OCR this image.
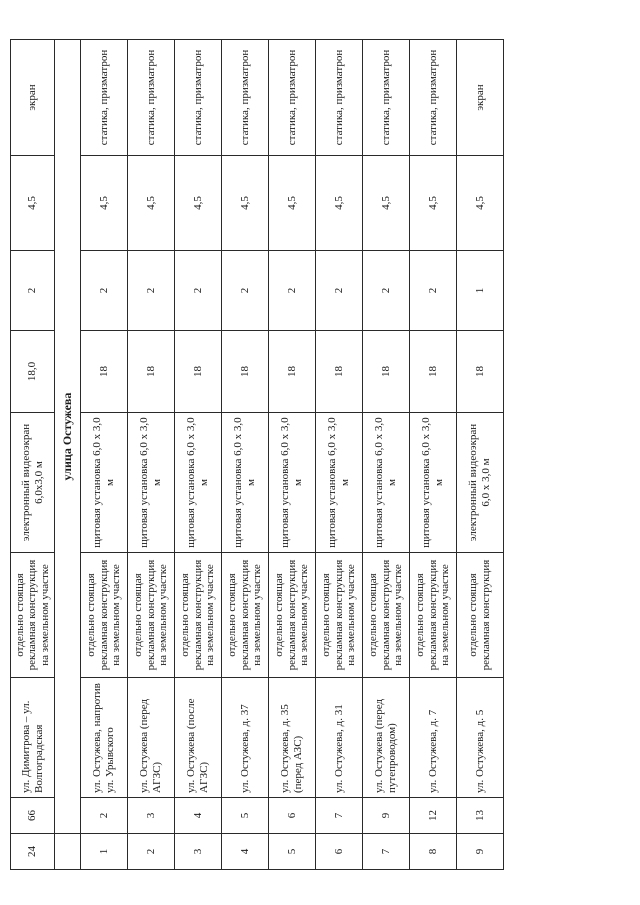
24	66	ул. Димитрова – ул. Волгоградская	отдельно стоящая рекламная конструкция на земельном участке	электронный видеоэкран 6,0х3,0 м	18,0	2	4,5	экран
	улица Остужева							
1	2	ул. Остужева, напротив ул. Урывского	отдельно стоящая рекламная конструкция на земельном участке	щитовая установка 6,0 х 3,0 м	18	2	4,5	статика, призматрон
2	3	ул. Остужева (перед АГЗС)	отдельно стоящая рекламная конструкция на земельном участке	щитовая установка 6,0 х 3,0 м	18	2	4,5	статика, призматрон
3	4	ул. Остужева (после АГЗС)	отдельно стоящая рекламная конструкция на земельном участке	щитовая установка 6,0 х 3,0 м	18	2	4,5	статика, призматрон
4	5	ул. Остужева, д. 37	отдельно стоящая рекламная конструкция на земельном участке	щитовая установка 6,0 х 3,0 м	18	2	4,5	статика, призматрон
5	6	ул. Остужева, д. 35 (перед АЗС)	отдельно стоящая рекламная конструкция на земельном участке	щитовая установка 6,0 х 3,0 м	18	2	4,5	статика, призматрон
6	7	ул. Остужева, д. 31	отдельно стоящая рекламная конструкция на земельном участке	щитовая установка 6,0 х 3,0 м	18	2	4,5	статика, призматрон
7	9	ул. Остужева (перед путепроводом)	отдельно стоящая рекламная конструкция на земельном участке	щитовая установка 6,0 х 3,0 м	18	2	4,5	статика, призматрон
8	12	ул. Остужева, д. 7	отдельно стоящая рекламная конструкция на земельном участке	щитовая установка 6,0 х 3,0 м	18	2	4,5	статика, призматрон
9	13	ул. Остужева, д. 5	отдельно стоящая рекламная конструкция	электронный видеоэкран 6,0 х 3,0 м	18	1	4,5	экран
